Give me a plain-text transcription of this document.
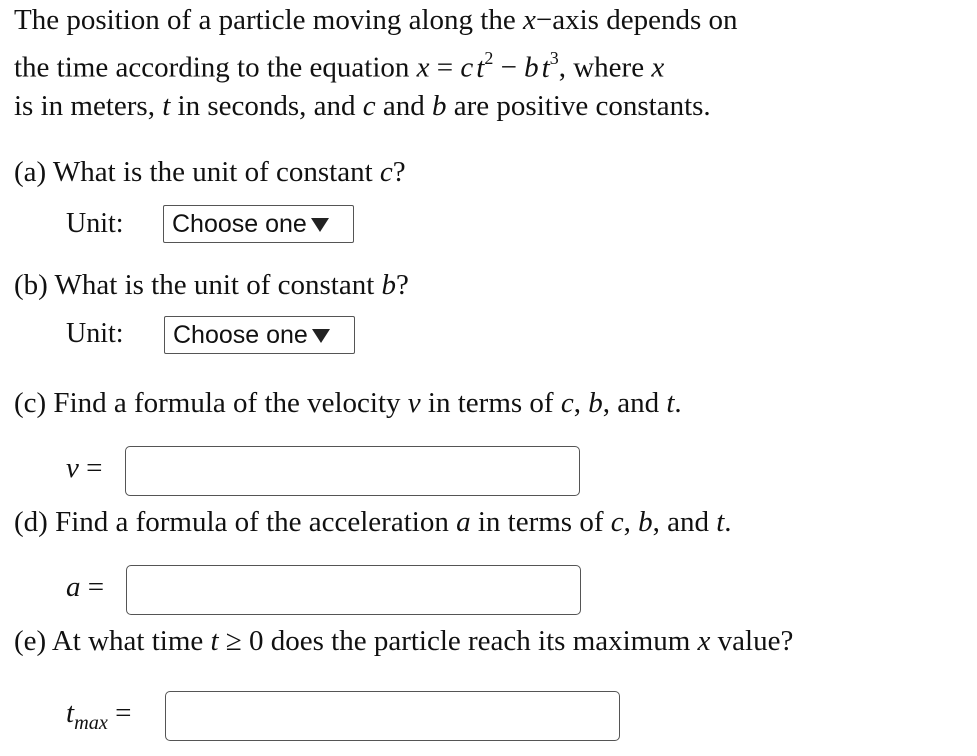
The position of a particle moving along the x−axis depends on
the time according to the equation x = c $t^2 - b$ $t^3$, where x
is in meters, t in seconds, and c and b are positive constants.
(a) What is the unit of constant c?
Unit: Choose one
(b) What is the unit of constant b?
Unit: Choose one
(c) Find a formula of the velocity v in terms of c, b, and t.
v =
(d) Find a formula of the acceleration a in terms of c, b, and t.
a =
(e) At what time t ≥ 0 does the particle reach its maximum x value?
$t_{max}$ =
